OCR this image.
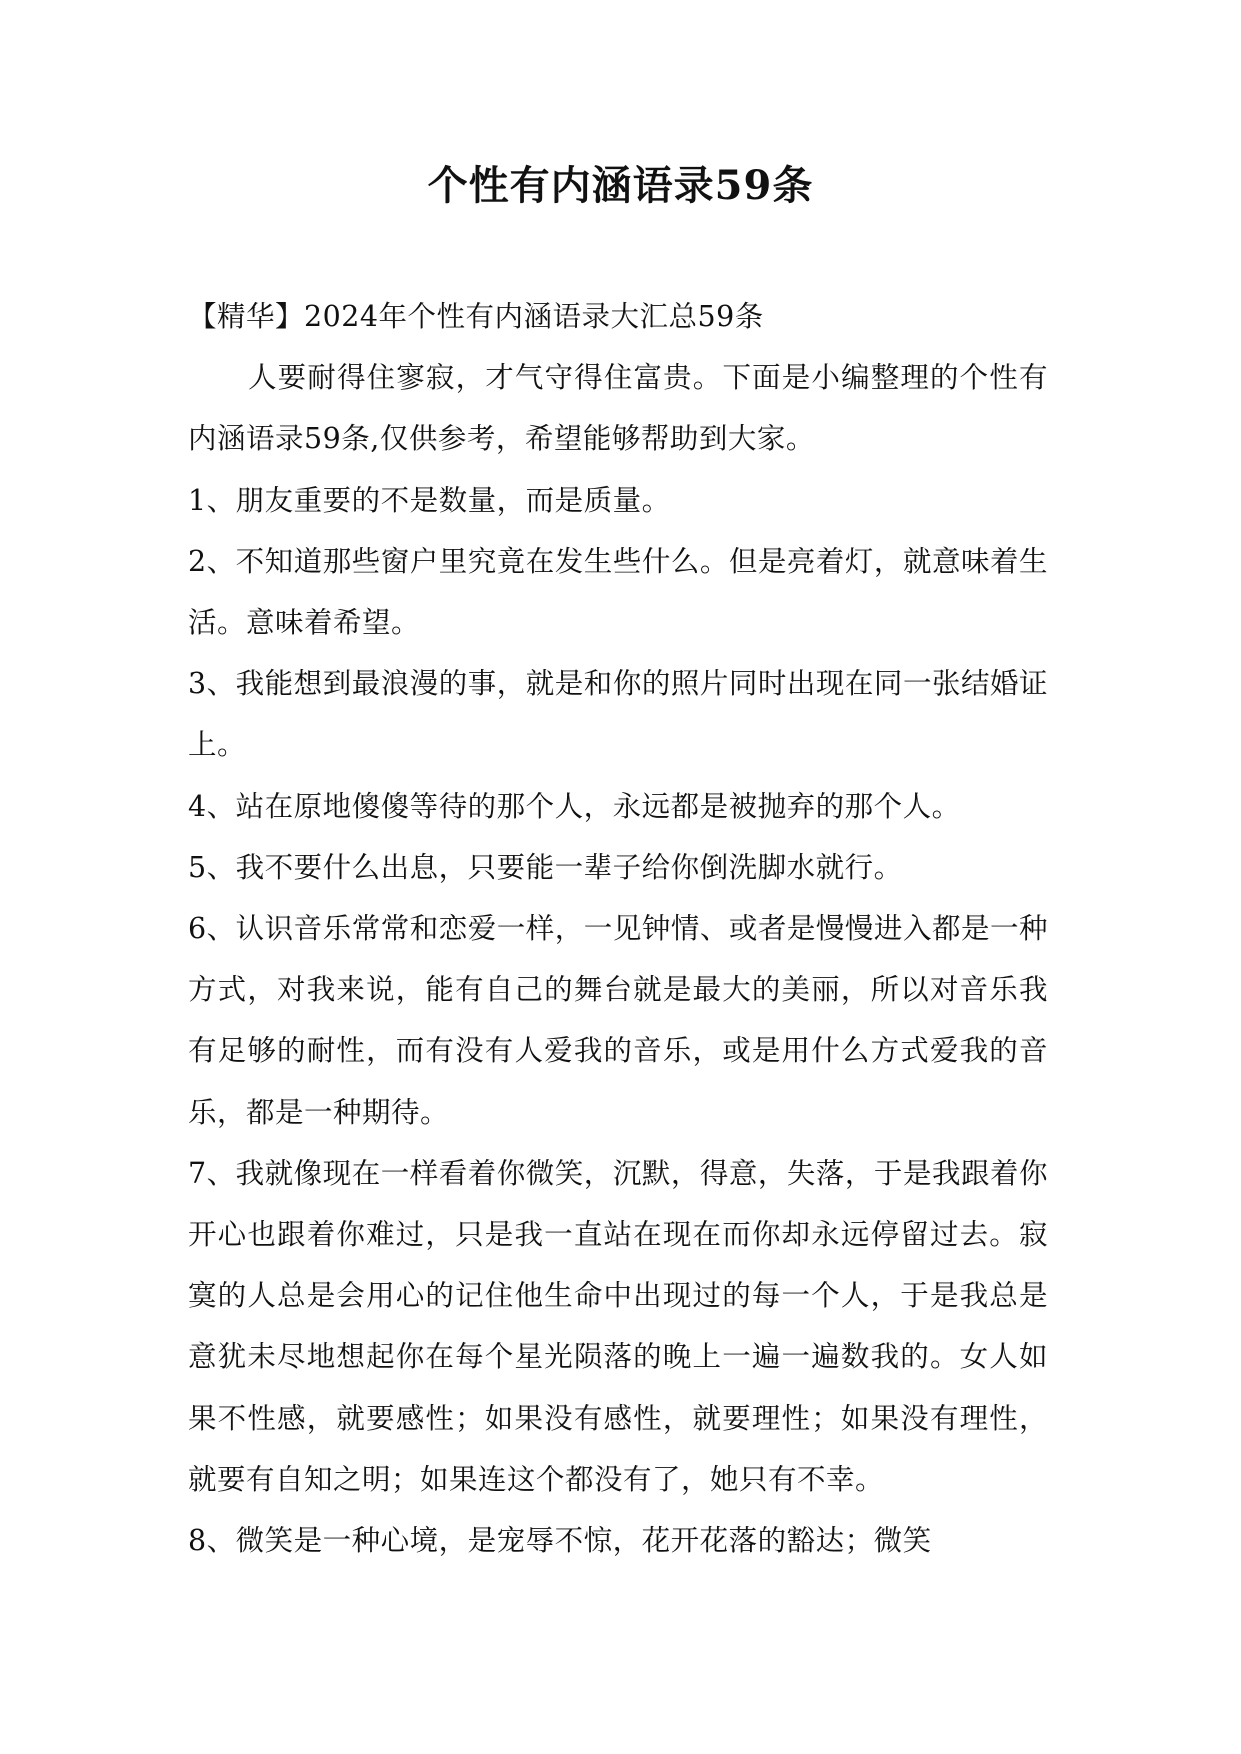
个性有内涵语录59条

【精华】2024年个性有内涵语录大汇总59条

人要耐得住寥寂，才气守得住富贵。下面是小编整理的个性有内涵语录59条,仅供参考，希望能够帮助到大家。

1、朋友重要的不是数量，而是质量。

2、不知道那些窗户里究竟在发生些什么。但是亮着灯，就意味着生活。意味着希望。

3、我能想到最浪漫的事，就是和你的照片同时出现在同一张结婚证上。

4、站在原地傻傻等待的那个人，永远都是被抛弃的那个人。

5、我不要什么出息，只要能一辈子给你倒洗脚水就行。

6、认识音乐常常和恋爱一样，一见钟情、或者是慢慢进入都是一种方式，对我来说，能有自己的舞台就是最大的美丽，所以对音乐我有足够的耐性，而有没有人爱我的音乐，或是用什么方式爱我的音乐，都是一种期待。

7、我就像现在一样看着你微笑，沉默，得意，失落，于是我跟着你开心也跟着你难过，只是我一直站在现在而你却永远停留过去。寂寞的人总是会用心的记住他生命中出现过的每一个人，于是我总是意犹未尽地想起你在每个星光陨落的晚上一遍一遍数我的。女人如果不性感，就要感性；如果没有感性，就要理性；如果没有理性，就要有自知之明；如果连这个都没有了，她只有不幸。

8、微笑是一种心境，是宠辱不惊，花开花落的豁达；微笑
